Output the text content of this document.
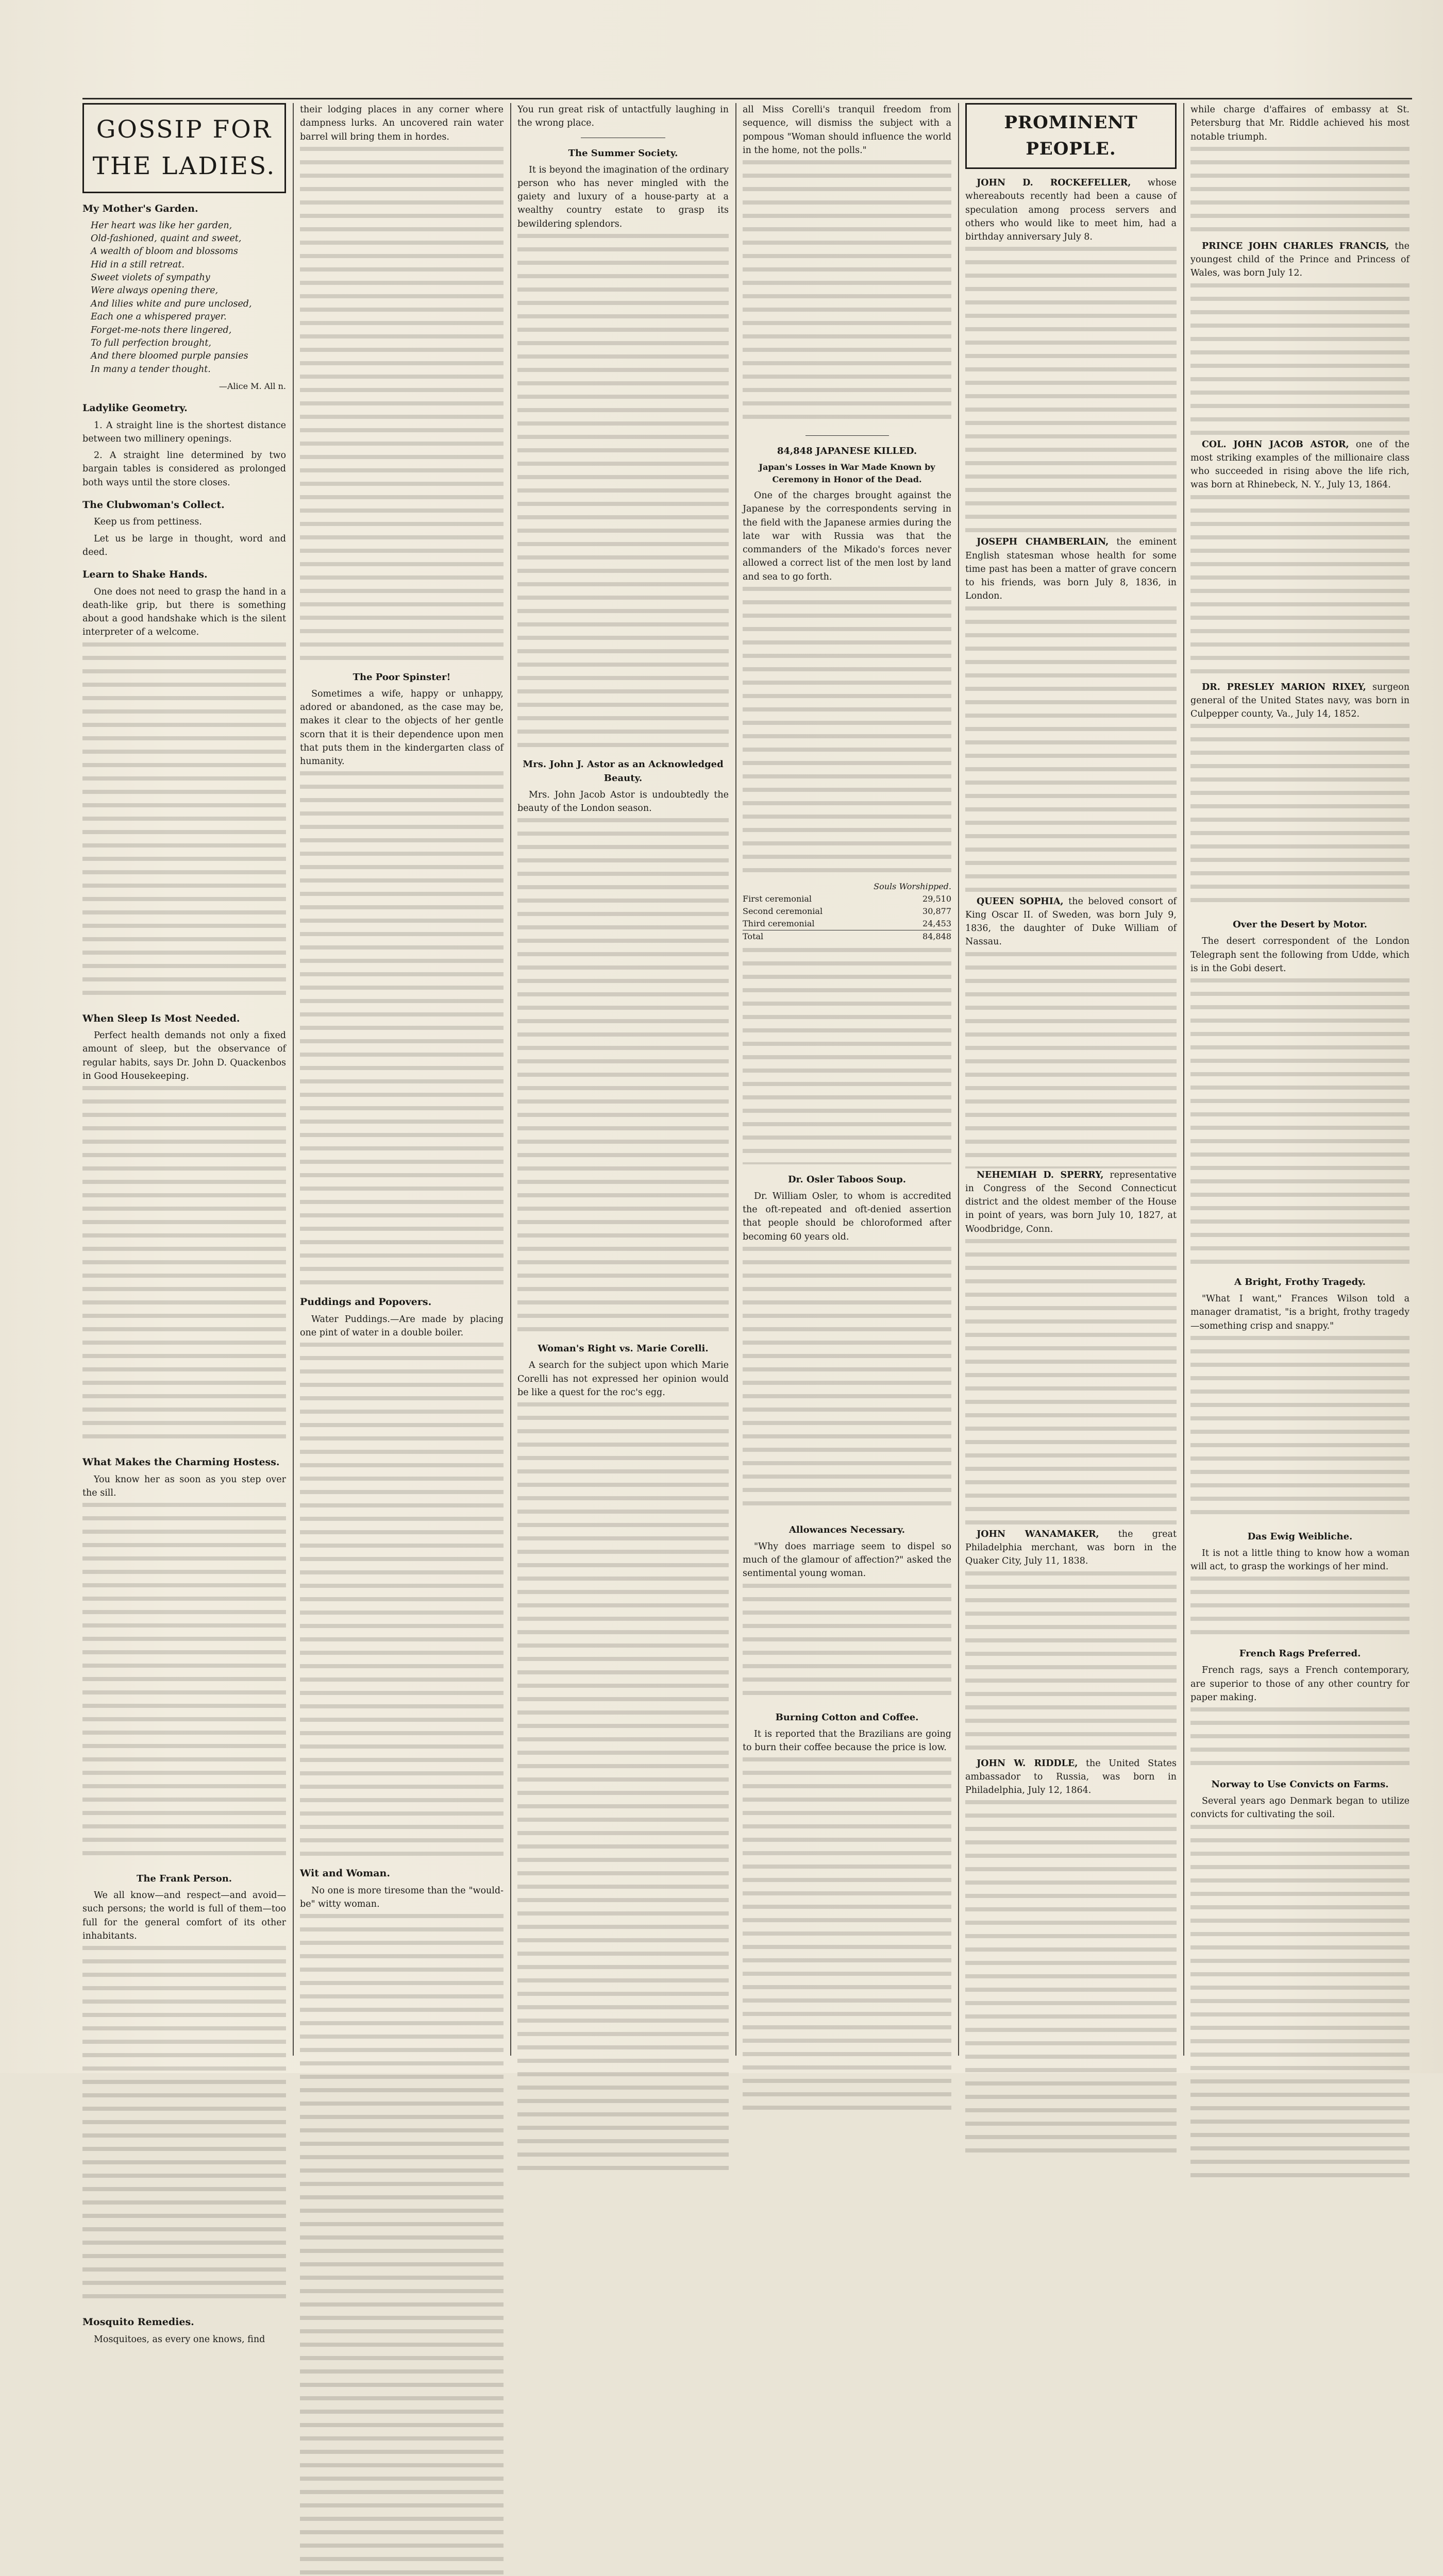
GOSSIP FOR THE LADIES.
My Mother's Garden.
Her heart was like her garden,
Old-fashioned, quaint and sweet,
A wealth of bloom and blossoms
Hid in a still retreat.
Sweet violets of sympathy
Were always opening there,
And lilies white and pure unclosed,
Each one a whispered prayer.
Forget-me-nots there lingered,
To full perfection brought,
And there bloomed purple pansies
In many a tender thought.
—Alice M. All n.
Ladylike Geometry.

1. A straight line is the shortest distance between two millinery openings.

2. A straight line determined by two bargain tables is considered as prolonged both ways until the store closes.

The Clubwoman's Collect.

Keep us from pettiness.

Let us be large in thought, word and deed.

Learn to Shake Hands.

One does not need to grasp the hand in a death-like grip, but there is something about a good handshake which is the silent interpreter of a welcome.

When Sleep Is Most Needed.

Perfect health demands not only a fixed amount of sleep, but the observance of regular habits, says Dr. John D. Quackenbos in Good Housekeeping.

What Makes the Charming Hostess.

You know her as soon as you step over the sill.

The Frank Person.

We all know—and respect—and avoid—such persons; the world is full of them—too full for the general comfort of its other inhabitants.

Mosquito Remedies.

Mosquitoes, as every one knows, find

their lodging places in any corner where dampness lurks. An uncovered rain water barrel will bring them in hordes.

The Poor Spinster!

Sometimes a wife, happy or unhappy, adored or abandoned, as the case may be, makes it clear to the objects of her gentle scorn that it is their dependence upon men that puts them in the kindergarten class of humanity.

Puddings and Popovers.

Water Puddings.—Are made by placing one pint of water in a double boiler.

Wit and Woman.

No one is more tiresome than the "would-be" witty woman.

You run great risk of untactfully laughing in the wrong place.

The Summer Society.

It is beyond the imagination of the ordinary person who has never mingled with the gaiety and luxury of a house-party at a wealthy country estate to grasp its bewildering splendors.

Mrs. John J. Astor as an Acknowledged Beauty.

Mrs. John Jacob Astor is undoubtedly the beauty of the London season.

Woman's Right vs. Marie Corelli.

A search for the subject upon which Marie Corelli has not expressed her opinion would be like a quest for the roc's egg.

all Miss Corelli's tranquil freedom from sequence, will dismiss the subject with a pompous "Woman should influence the world in the home, not the polls."

84,848 JAPANESE KILLED.
Japan's Losses in War Made Known by Ceremony in Honor of the Dead.

One of the charges brought against the Japanese by the correspondents serving in the field with the Japanese armies during the late war with Russia was that the commanders of the Mikado's forces never allowed a correct list of the men lost by land and sea to go forth.

Souls Worshipped.
First ceremonial	29,510
Second ceremonial	30,877
Third ceremonial	24,453
Total	84,848
Dr. Osler Taboos Soup.

Dr. William Osler, to whom is accredited the oft-repeated and oft-denied assertion that people should be chloroformed after becoming 60 years old.

Allowances Necessary.

"Why does marriage seem to dispel so much of the glamour of affection?" asked the sentimental young woman.

Burning Cotton and Coffee.

It is reported that the Brazilians are going to burn their coffee because the price is low.

PROMINENT PEOPLE.

JOHN D. ROCKEFELLER, whose whereabouts recently had been a cause of speculation among process servers and others who would like to meet him, had a birthday anniversary July 8.

JOSEPH CHAMBERLAIN, the eminent English statesman whose health for some time past has been a matter of grave concern to his friends, was born July 8, 1836, in London.

QUEEN SOPHIA, the beloved consort of King Oscar II. of Sweden, was born July 9, 1836, the daughter of Duke William of Nassau.

NEHEMIAH D. SPERRY, representative in Congress of the Second Connecticut district and the oldest member of the House in point of years, was born July 10, 1827, at Woodbridge, Conn.

JOHN WANAMAKER, the great Philadelphia merchant, was born in the Quaker City, July 11, 1838.

JOHN W. RIDDLE, the United States ambassador to Russia, was born in Philadelphia, July 12, 1864.

while charge d'affaires of embassy at St. Petersburg that Mr. Riddle achieved his most notable triumph.

PRINCE JOHN CHARLES FRANCIS, the youngest child of the Prince and Princess of Wales, was born July 12.

COL. JOHN JACOB ASTOR, one of the most striking examples of the millionaire class who succeeded in rising above the life rich, was born at Rhinebeck, N. Y., July 13, 1864.

DR. PRESLEY MARION RIXEY, surgeon general of the United States navy, was born in Culpepper county, Va., July 14, 1852.

Over the Desert by Motor.

The desert correspondent of the London Telegraph sent the following from Udde, which is in the Gobi desert.

A Bright, Frothy Tragedy.

"What I want," Frances Wilson told a manager dramatist, "is a bright, frothy tragedy—something crisp and snappy."

Das Ewig Weibliche.

It is not a little thing to know how a woman will act, to grasp the workings of her mind.

French Rags Preferred.

French rags, says a French contemporary, are superior to those of any other country for paper making.

Norway to Use Convicts on Farms.

Several years ago Denmark began to utilize convicts for cultivating the soil.
